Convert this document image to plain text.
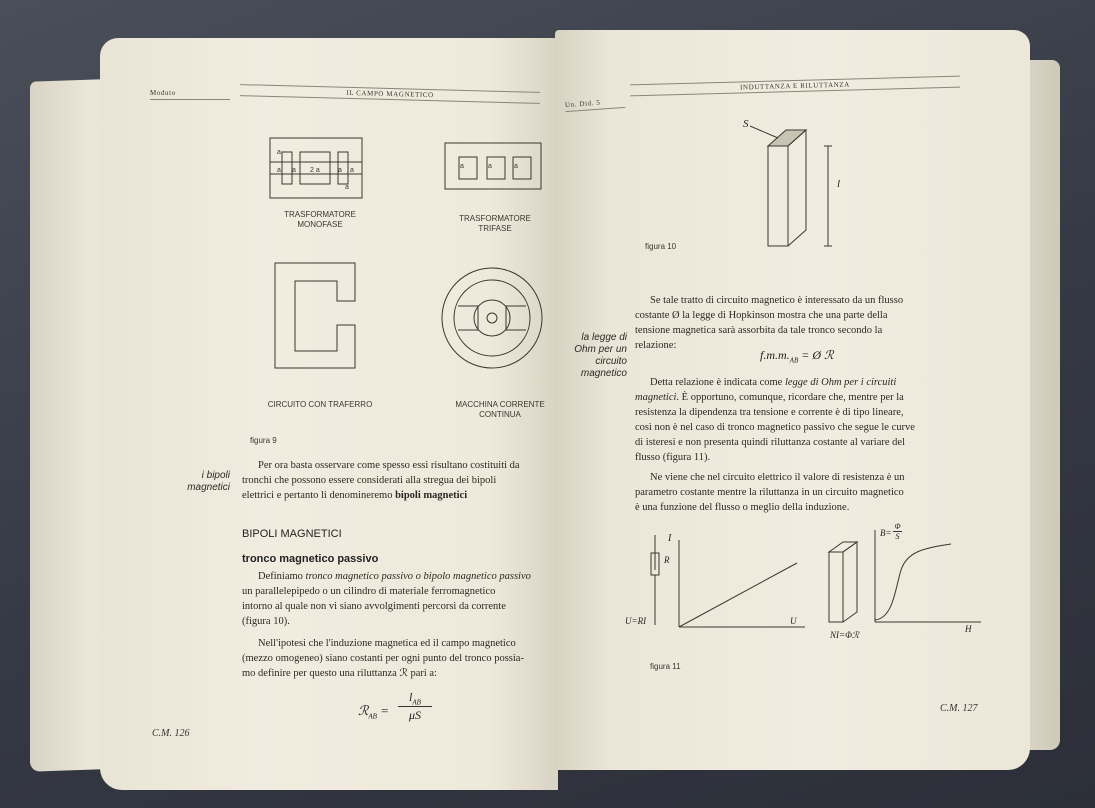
Moduto	IL CAMPO MAGNETICO
a
a	2 a	a a
a
a
TRASFORMATORE MONOFASE
a	a	a
TRASFORMATORE TRIFASE
CIRCUITO CON TRAFERRO	MACCHINA CORRENTE CONTINUA
figura 9
i bipoli magnetici
Per ora basta osservare come spesso essi risultano costituiti da
tronchi che possono essere considerati alla stregua dei bipoli
elettrici e pertanto li denomineremo bipoli magnetici
BIPOLI MAGNETICI
tronco magnetico passivo
Definiamo tronco magnetico passivo o bipolo magnetico passivo
un parallelepipedo o un cilindro di materiale ferromagnetico
intorno al quale non vi siano avvolgimenti percorsi da corrente
(figura 10).
Nell'ipotesi che l'induzione magnetica ed il campo magnetico
(mezzo omogeneo) siano costanti per ogni punto del tronco possia-
mo definire per questo una riluttanza ℛ pari a:
ℛ$_{AB}$ =
$l_{AB}$
μS
C.M. 126
Un. Did. 5
INDUTTANZA E RILUTTANZA
S
l
figura 10
la legge di Ohm per un circuito magnetico
Se tale tratto di circuito magnetico è interessato da un flusso
costante Ø la legge di Hopkinson mostra che una parte della
tensione magnetica sarà assorbita da tale tronco secondo la
relazione:
$f.m.m._{AB}$ = Ø ℛ
Detta relazione è indicata come legge di Ohm per i circuiti
magnetici. È opportuno, comunque, ricordare che, mentre per la
resistenza la dipendenza tra tensione e corrente è di tipo lineare,
così non è nel caso di tronco magnetico passivo che segue le curve
di isteresi e non presenta quindi riluttanza costante al variare del
flusso (figura 11).
Ne viene che nel circuito elettrico il valore di resistenza è un
parametro costante mentre la riluttanza in un circuito magnetico
è una funzione del flusso o meglio della induzione.
I
R
U=RI	U
B=
Φ
S
NI=Φℛ
H
figura 11
C.M. 127
